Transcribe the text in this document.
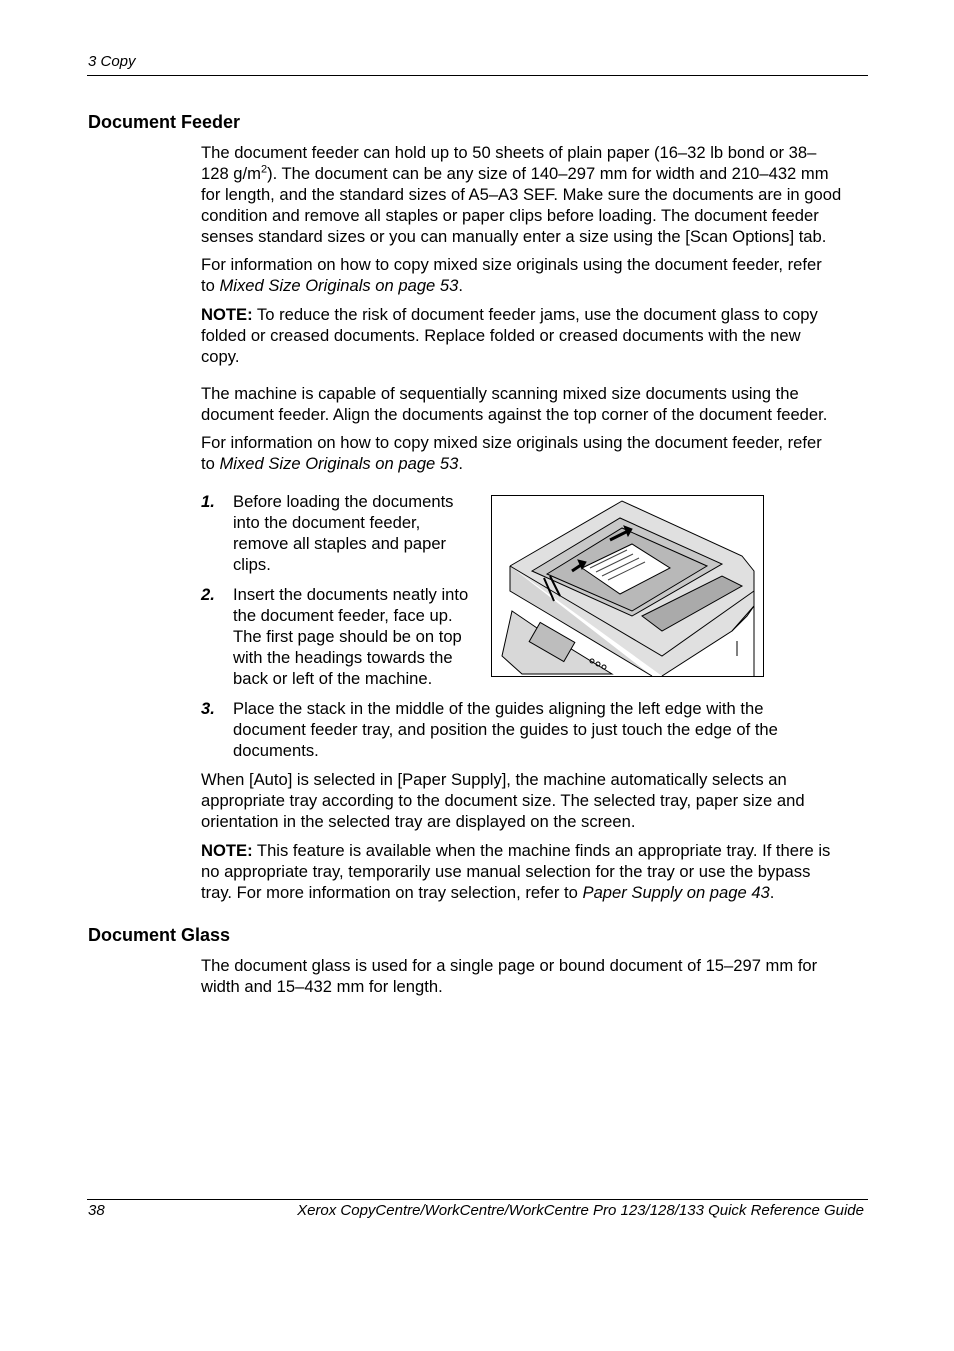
3 Copy
Document Feeder
The document feeder can hold up to 50 sheets of plain paper (16–32 lb bond or 38–
128 $g/m^2$). The document can be any size of 140–297 mm for width and 210–432 mm
for length, and the standard sizes of A5–A3 SEF. Make sure the documents are in good
condition and remove all staples or paper clips before loading. The document feeder
senses standard sizes or you can manually enter a size using the [Scan Options] tab.
For information on how to copy mixed size originals using the document feeder, refer
to Mixed Size Originals on page 53.
NOTE: To reduce the risk of document feeder jams, use the document glass to copy
folded or creased documents. Replace folded or creased documents with the new
copy.
The machine is capable of sequentially scanning mixed size documents using the
document feeder. Align the documents against the top corner of the document feeder.
For information on how to copy mixed size originals using the document feeder, refer
to Mixed Size Originals on page 53.
1. Before loading the documents
into the document feeder,
remove all staples and paper
clips.
2. Insert the documents neatly into
the document feeder, face up.
The first page should be on top
with the headings towards the
back or left of the machine.
3. Place the stack in the middle of the guides aligning the left edge with the
document feeder tray, and position the guides to just touch the edge of the
documents.
When [Auto] is selected in [Paper Supply], the machine automatically selects an
appropriate tray according to the document size. The selected tray, paper size and
orientation in the selected tray are displayed on the screen.
NOTE: This feature is available when the machine finds an appropriate tray. If there is
no appropriate tray, temporarily use manual selection for the tray or use the bypass
tray. For more information on tray selection, refer to Paper Supply on page 43.
Document Glass
The document glass is used for a single page or bound document of 15–297 mm for
width and 15–432 mm for length.
38	Xerox CopyCentre/WorkCentre/WorkCentre Pro 123/128/133 Quick Reference Guide
